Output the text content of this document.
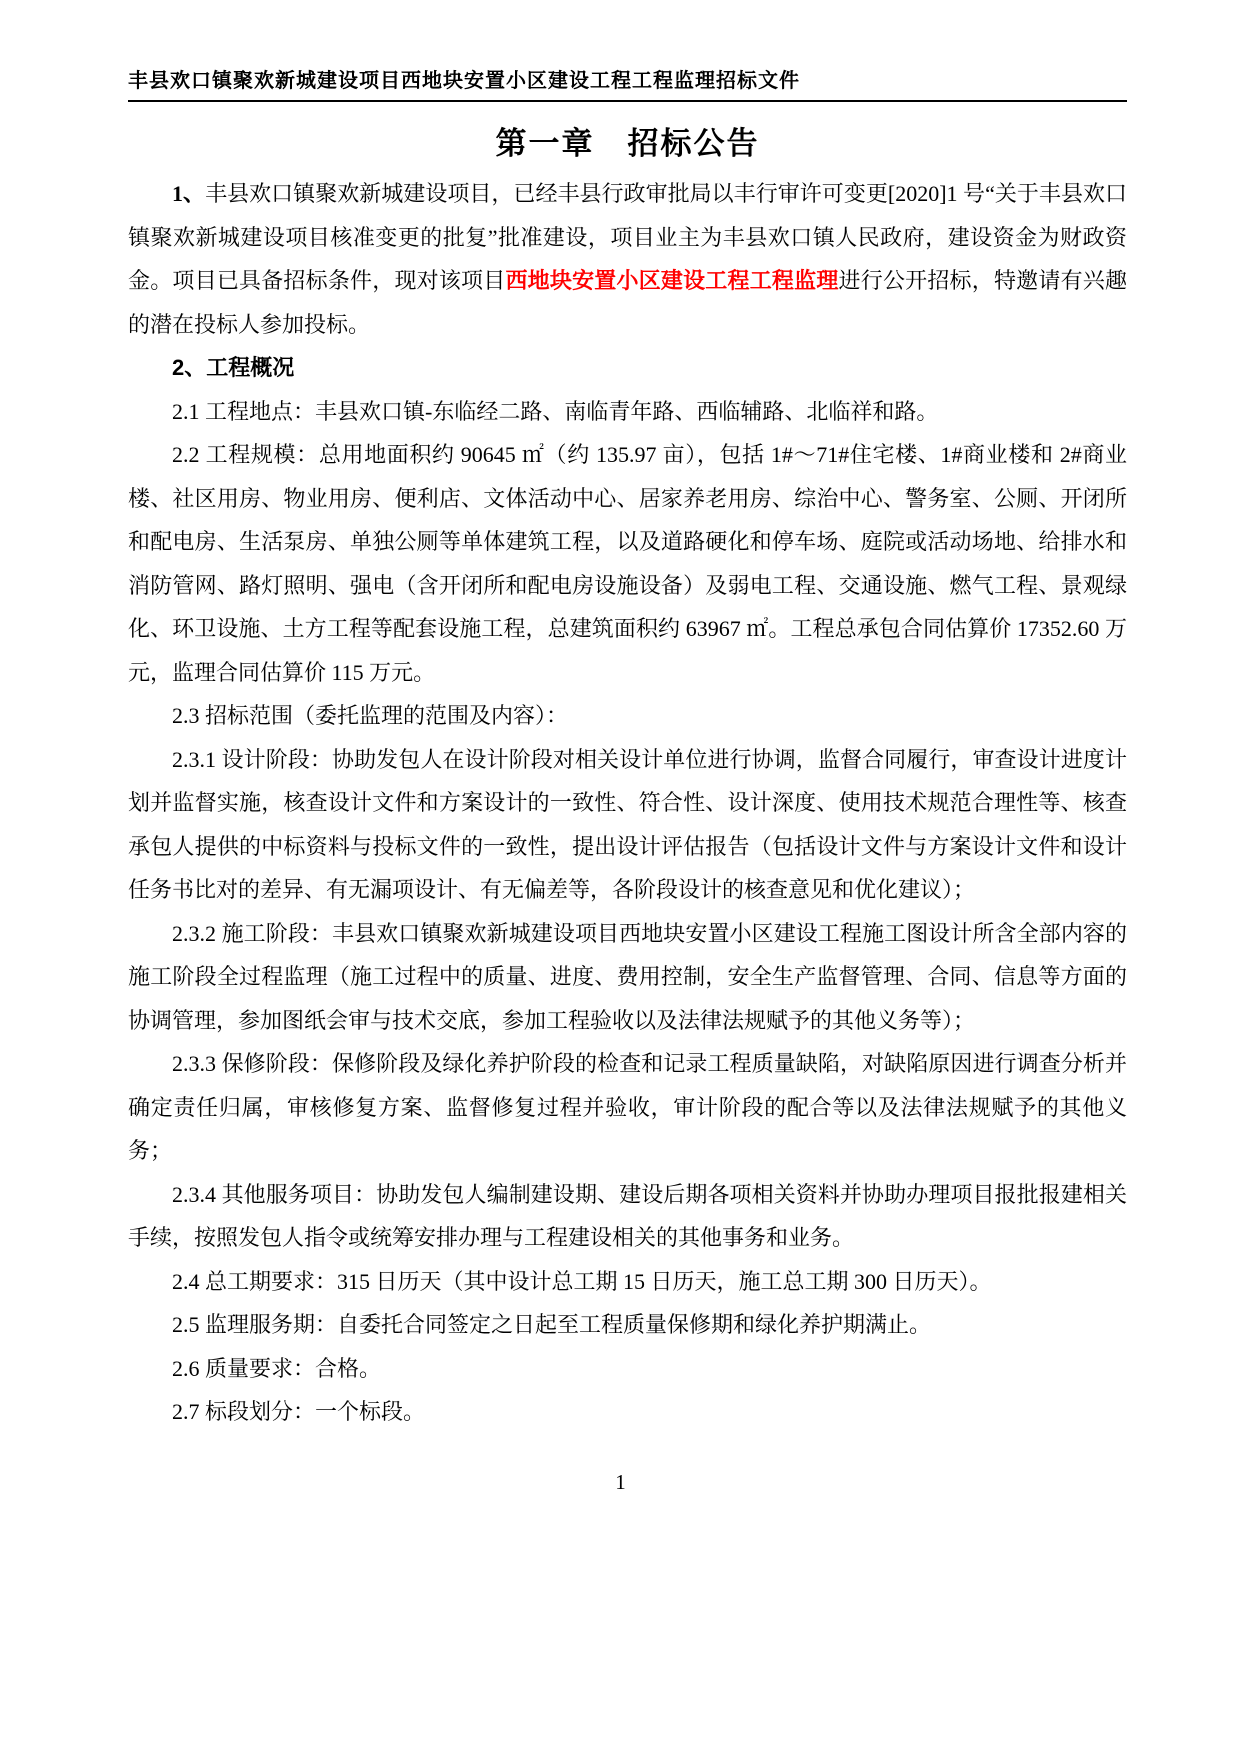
丰县欢口镇聚欢新城建设项目西地块安置小区建设工程工程监理招标文件
第一章　招标公告

1、丰县欢口镇聚欢新城建设项目，已经丰县行政审批局以丰行审许可变更[2020]1 号“关于丰县欢口镇聚欢新城建设项目核准变更的批复”批准建设，项目业主为丰县欢口镇人民政府，建设资金为财政资金。项目已具备招标条件，现对该项目西地块安置小区建设工程工程监理进行公开招标，特邀请有兴趣的潜在投标人参加投标。

2、工程概况

2.1 工程地点：丰县欢口镇-东临经二路、南临青年路、西临辅路、北临祥和路。

2.2 工程规模：总用地面积约 90645 ㎡（约 135.97 亩），包括 1#～71#住宅楼、1#商业楼和 2#商业楼、社区用房、物业用房、便利店、文体活动中心、居家养老用房、综治中心、警务室、公厕、开闭所和配电房、生活泵房、单独公厕等单体建筑工程，以及道路硬化和停车场、庭院或活动场地、给排水和消防管网、路灯照明、强电（含开闭所和配电房设施设备）及弱电工程、交通设施、燃气工程、景观绿化、环卫设施、土方工程等配套设施工程，总建筑面积约 63967 ㎡。工程总承包合同估算价 17352.60 万元，监理合同估算价 115 万元。

2.3 招标范围（委托监理的范围及内容）：

2.3.1 设计阶段：协助发包人在设计阶段对相关设计单位进行协调，监督合同履行，审查设计进度计划并监督实施，核查设计文件和方案设计的一致性、符合性、设计深度、使用技术规范合理性等、核查承包人提供的中标资料与投标文件的一致性，提出设计评估报告（包括设计文件与方案设计文件和设计任务书比对的差异、有无漏项设计、有无偏差等，各阶段设计的核查意见和优化建议）；

2.3.2 施工阶段：丰县欢口镇聚欢新城建设项目西地块安置小区建设工程施工图设计所含全部内容的施工阶段全过程监理（施工过程中的质量、进度、费用控制，安全生产监督管理、合同、信息等方面的协调管理，参加图纸会审与技术交底，参加工程验收以及法律法规赋予的其他义务等）；

2.3.3 保修阶段：保修阶段及绿化养护阶段的检查和记录工程质量缺陷，对缺陷原因进行调查分析并确定责任归属，审核修复方案、监督修复过程并验收，审计阶段的配合等以及法律法规赋予的其他义务；

2.3.4 其他服务项目：协助发包人编制建设期、建设后期各项相关资料并协助办理项目报批报建相关手续，按照发包人指令或统筹安排办理与工程建设相关的其他事务和业务。

2.4 总工期要求：315 日历天（其中设计总工期 15 日历天，施工总工期 300 日历天）。

2.5 监理服务期：自委托合同签定之日起至工程质量保修期和绿化养护期满止。

2.6 质量要求：合格。

2.7 标段划分：一个标段。

1
